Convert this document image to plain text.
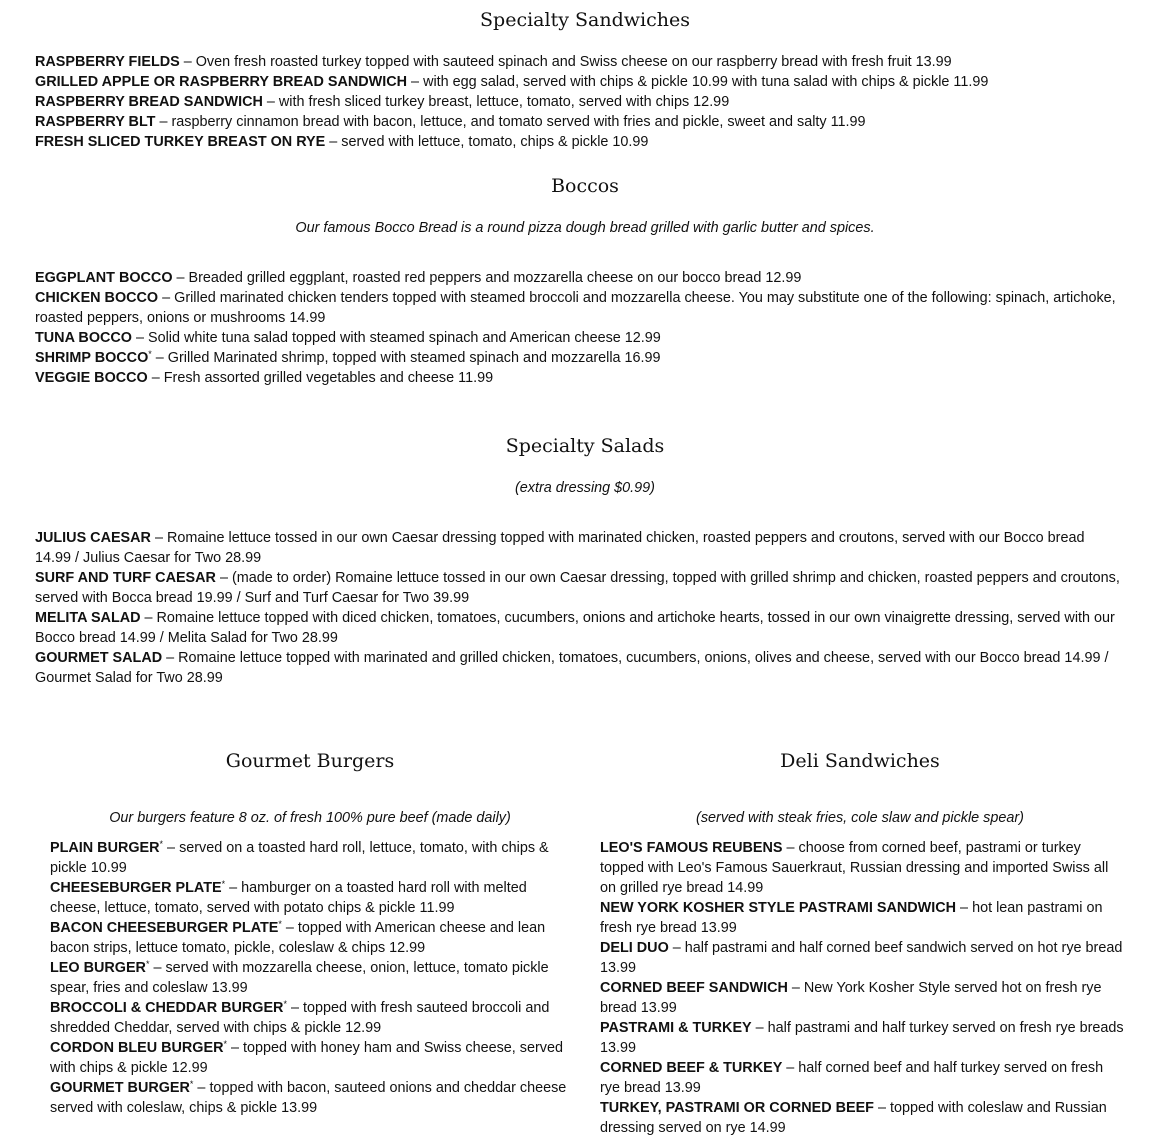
Specialty Sandwiches

RASPBERRY FIELDS – Oven fresh roasted turkey topped with sauteed spinach and Swiss cheese on our raspberry bread with fresh fruit 13.99

GRILLED APPLE OR RASPBERRY BREAD SANDWICH – with egg salad, served with chips & pickle 10.99 with tuna salad with chips & pickle 11.99

RASPBERRY BREAD SANDWICH – with fresh sliced turkey breast, lettuce, tomato, served with chips 12.99

RASPBERRY BLT – raspberry cinnamon bread with bacon, lettuce, and tomato served with fries and pickle, sweet and salty 11.99

FRESH SLICED TURKEY BREAST ON RYE – served with lettuce, tomato, chips & pickle 10.99

Boccos

Our famous Bocco Bread is a round pizza dough bread grilled with garlic butter and spices.

EGGPLANT BOCCO – Breaded grilled eggplant, roasted red peppers and mozzarella cheese on our bocco bread 12.99

CHICKEN BOCCO – Grilled marinated chicken tenders topped with steamed broccoli and mozzarella cheese. You may substitute one of the following: spinach, artichoke, roasted peppers, onions or mushrooms 14.99

TUNA BOCCO – Solid white tuna salad topped with steamed spinach and American cheese 12.99

SHRIMP BOCCO* – Grilled Marinated shrimp, topped with steamed spinach and mozzarella 16.99

VEGGIE BOCCO – Fresh assorted grilled vegetables and cheese 11.99

Specialty Salads

(extra dressing $0.99)

JULIUS CAESAR – Romaine lettuce tossed in our own Caesar dressing topped with marinated chicken, roasted peppers and croutons, served with our Bocco bread 14.99 / Julius Caesar for Two 28.99

SURF AND TURF CAESAR – (made to order) Romaine lettuce tossed in our own Caesar dressing, topped with grilled shrimp and chicken, roasted peppers and croutons, served with Bocca bread 19.99 / Surf and Turf Caesar for Two 39.99

MELITA SALAD – Romaine lettuce topped with diced chicken, tomatoes, cucumbers, onions and artichoke hearts, tossed in our own vinaigrette dressing, served with our Bocco bread 14.99 / Melita Salad for Two 28.99

GOURMET SALAD – Romaine lettuce topped with marinated and grilled chicken, tomatoes, cucumbers, onions, olives and cheese, served with our Bocco bread 14.99 / Gourmet Salad for Two 28.99

Gourmet Burgers

Our burgers feature 8 oz. of fresh 100% pure beef (made daily)

PLAIN BURGER* – served on a toasted hard roll, lettuce, tomato, with chips & pickle 10.99

CHEESEBURGER PLATE* – hamburger on a toasted hard roll with melted cheese, lettuce, tomato, served with potato chips & pickle 11.99

BACON CHEESEBURGER PLATE* – topped with American cheese and lean bacon strips, lettuce tomato, pickle, coleslaw & chips 12.99

LEO BURGER* – served with mozzarella cheese, onion, lettuce, tomato pickle spear, fries and coleslaw 13.99

BROCCOLI & CHEDDAR BURGER* – topped with fresh sauteed broccoli and shredded Cheddar, served with chips & pickle 12.99

CORDON BLEU BURGER* – topped with honey ham and Swiss cheese, served with chips & pickle 12.99

GOURMET BURGER* – topped with bacon, sauteed onions and cheddar cheese served with coleslaw, chips & pickle 13.99

Deli Sandwiches

(served with steak fries, cole slaw and pickle spear)

LEO'S FAMOUS REUBENS – choose from corned beef, pastrami or turkey topped with Leo's Famous Sauerkraut, Russian dressing and imported Swiss all on grilled rye bread 14.99

NEW YORK KOSHER STYLE PASTRAMI SANDWICH – hot lean pastrami on fresh rye bread 13.99

DELI DUO – half pastrami and half corned beef sandwich served on hot rye bread 13.99

CORNED BEEF SANDWICH – New York Kosher Style served hot on fresh rye bread 13.99

PASTRAMI & TURKEY – half pastrami and half turkey served on fresh rye breads 13.99

CORNED BEEF & TURKEY – half corned beef and half turkey served on fresh rye bread 13.99

TURKEY, PASTRAMI OR CORNED BEEF – topped with coleslaw and Russian dressing served on rye 14.99
